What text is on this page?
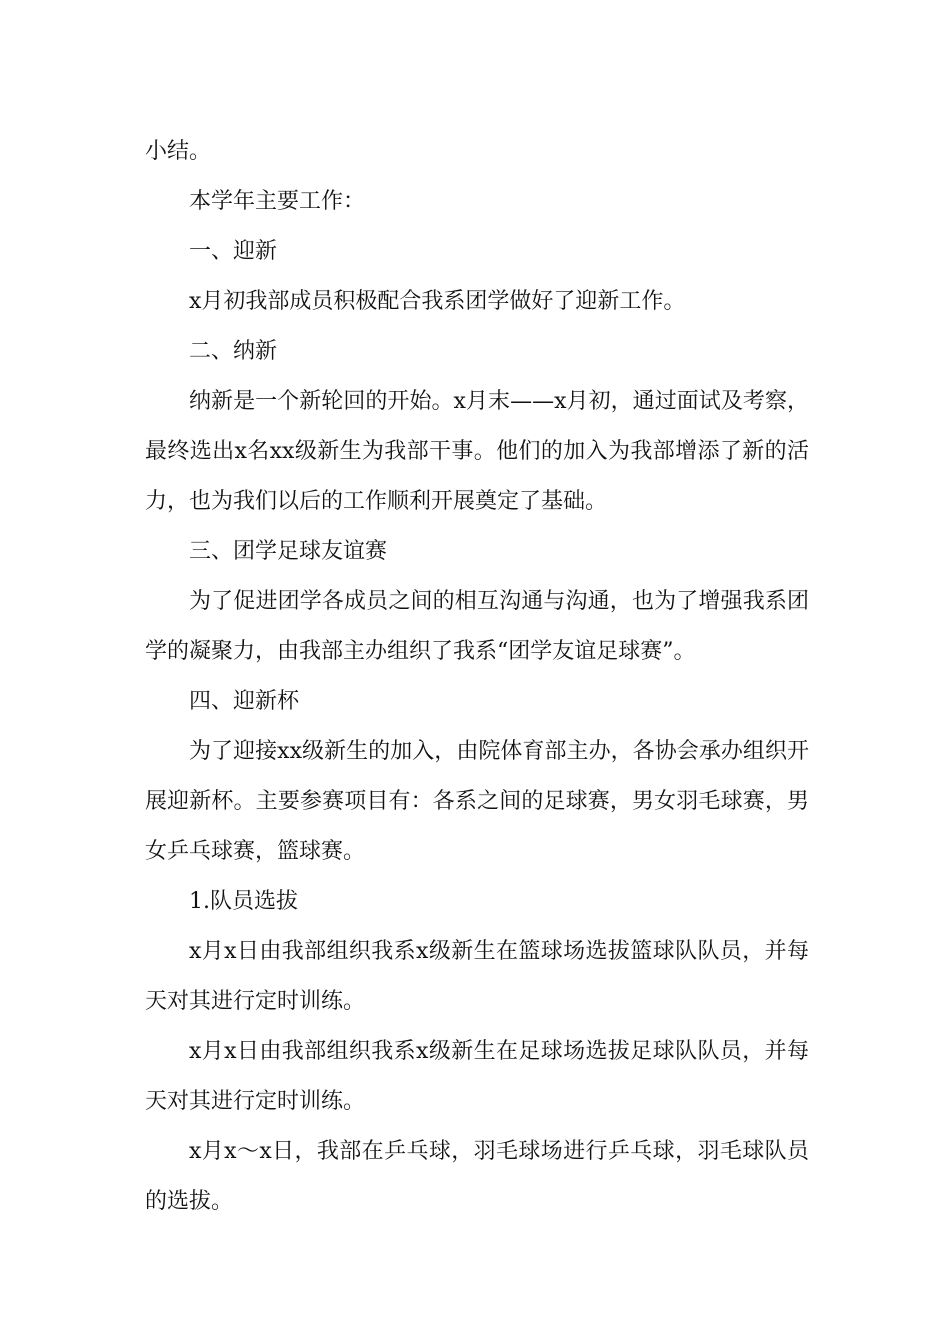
小结。

本学年主要工作：

一、迎新

x月初我部成员积极配合我系团学做好了迎新工作。

二、纳新

纳新是一个新轮回的开始。x月末——x月初，通过面试及考察，最终选出x名xx级新生为我部干事。他们的加入为我部增添了新的活力，也为我们以后的工作顺利开展奠定了基础。

三、团学足球友谊赛

为了促进团学各成员之间的相互沟通与沟通，也为了增强我系团学的凝聚力，由我部主办组织了我系“团学友谊足球赛”。

四、迎新杯

为了迎接xx级新生的加入，由院体育部主办，各协会承办组织开展迎新杯。主要参赛项目有：各系之间的足球赛，男女羽毛球赛，男女乒乓球赛，篮球赛。

1.队员选拔

x月x日由我部组织我系x级新生在篮球场选拔篮球队队员，并每天对其进行定时训练。

x月x日由我部组织我系x级新生在足球场选拔足球队队员，并每天对其进行定时训练。

x月x～x日，我部在乒乓球，羽毛球场进行乒乓球，羽毛球队员的选拔。
